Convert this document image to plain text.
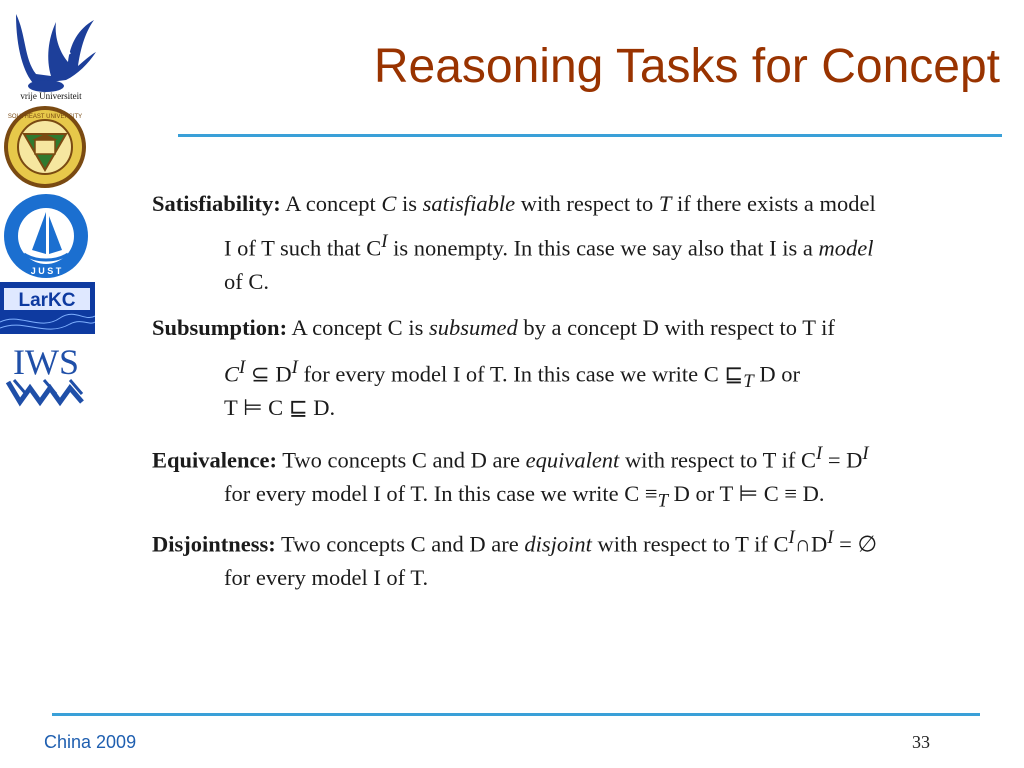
vrije Universiteit
SOUTHEAST UNIVERSITY
J U S T
LarKC
IWS
Reasoning Tasks for Concept
Satisfiability: A concept C is satisfiable with respect to T if there exists a model
I of T such that $C^I$ is nonempty. In this case we say also that I is a model
of C.
Subsumption: A concept C is subsumed by a concept D with respect to T if
$C^I$ ⊆ $D^I$ for every model I of T. In this case we write C $⊑_T$ D or
T ⊨ C ⊑ D.
Equivalence: Two concepts C and D are equivalent with respect to T if $C^I = D^I$
for every model I of T. In this case we write $C \equiv_T$ D or T ⊨ C ≡ D.
Disjointness: Two concepts C and D are disjoint with respect to T if $C^I\cap D^I$ = ∅
for every model I of T.
China 2009	33
